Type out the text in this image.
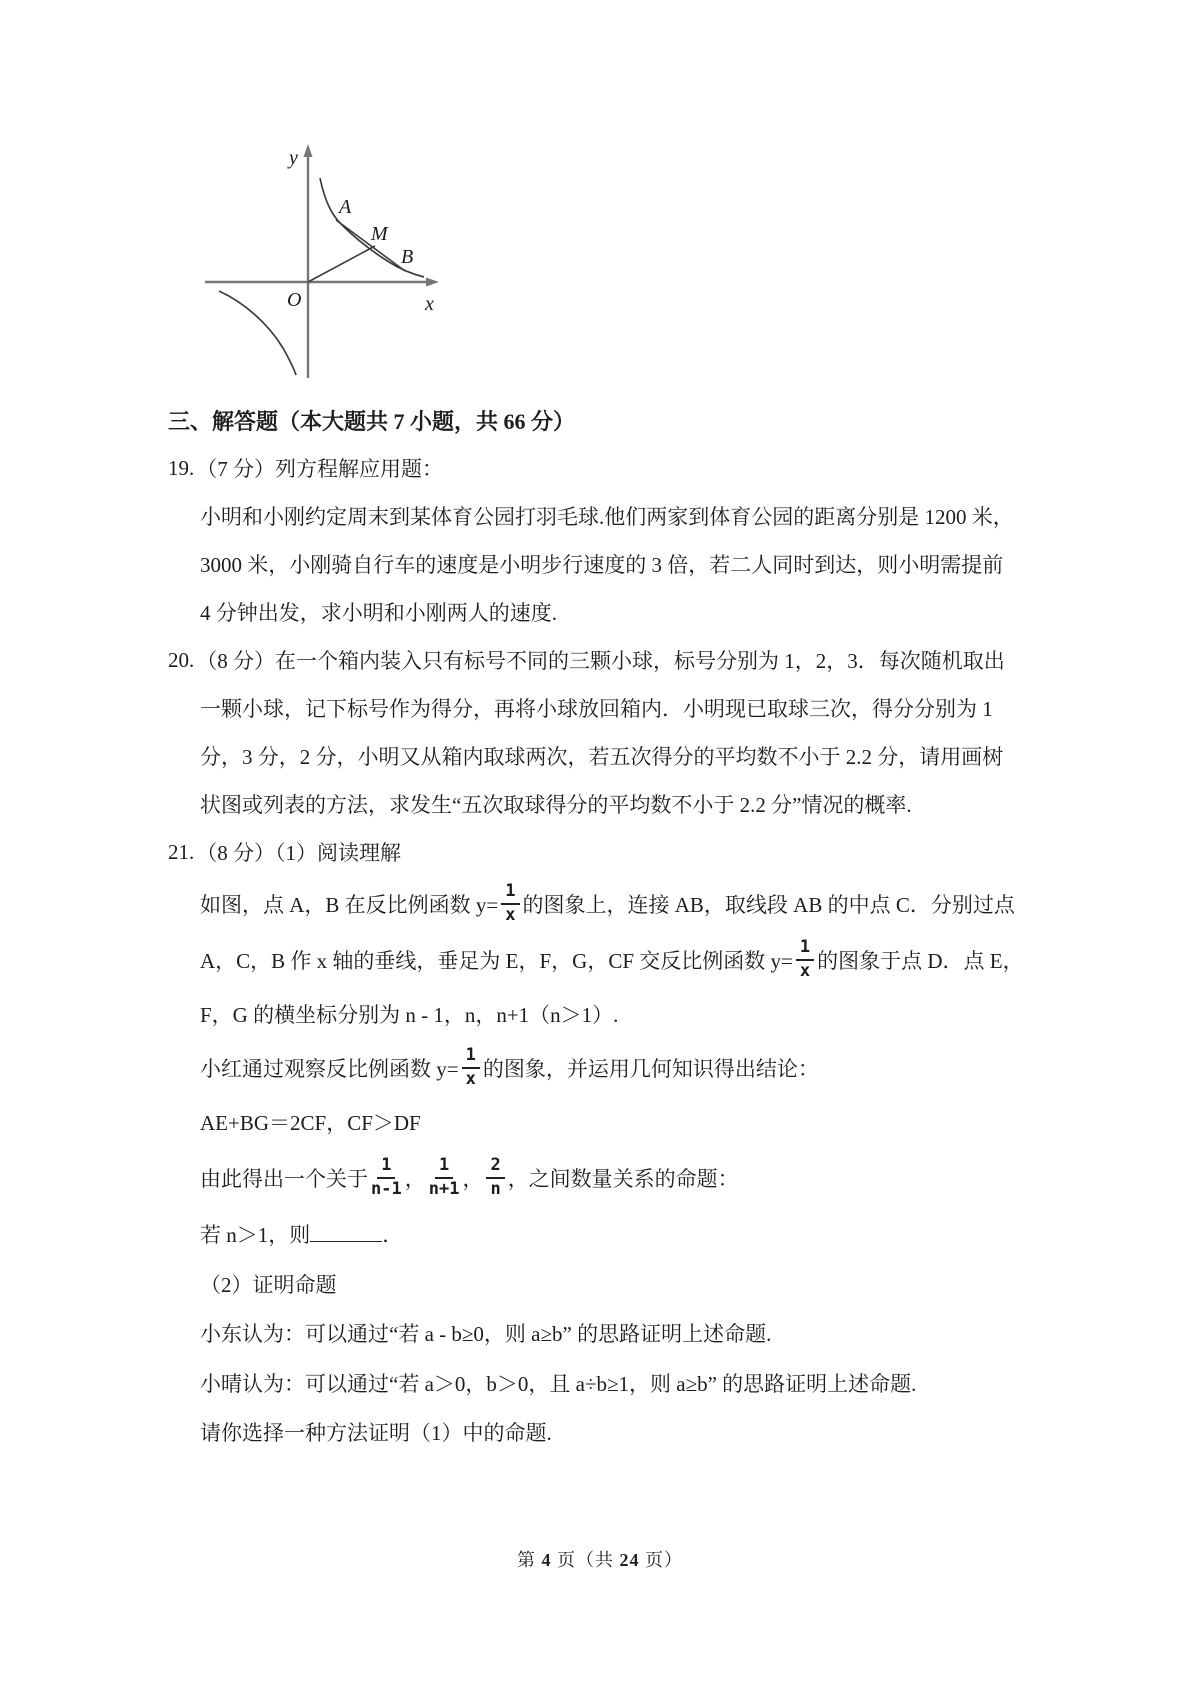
y
x
O
A
M
B
三、解答题（本大题共 7 小题，共 66 分）
19. （7 分）列方程解应用题：
小明和小刚约定周末到某体育公园打羽毛球.他们两家到体育公园的距离分别是 1200 米，
3000 米，小刚骑自行车的速度是小明步行速度的 3 倍，若二人同时到达，则小明需提前
4 分钟出发，求小明和小刚两人的速度.
20. （8 分）在一个箱内装入只有标号不同的三颗小球，标号分别为 1，2，3．每次随机取出
一颗小球，记下标号作为得分，再将小球放回箱内．小明现已取球三次，得分分别为 1
分，3 分，2 分，小明又从箱内取球两次，若五次得分的平均数不小于 2.2 分，请用画树
状图或列表的方法，求发生“五次取球得分的平均数不小于 2.2 分”情况的概率.
21. （8 分）（1）阅读理解
如图，点 A，B 在反比例函数 $y= \frac{1}{x}$ 的图象上，连接 AB，取线段 AB 的中点 C．分别过点
A，C，B 作 x 轴的垂线，垂足为 E，F，G，CF 交反比例函数 $y= \frac{1}{x}$ 的图象于点 D．点 E，
F，G 的横坐标分别为 n - 1，n，n+1（n＞1）.
小红通过观察反比例函数 $y= \frac{1}{x}$ 的图象，并运用几何知识得出结论：
AE+BG＝2CF，CF＞DF
由此得出一个关于 $\frac{1}{n-1}$ ， $\frac{1}{n+1}$ ， $\frac{2}{n}$ ，之间数量关系的命题：
若 n＞1，则	．
（2）证明命题
小东认为：可以通过“若 a - b≥0，则 a≥b” 的思路证明上述命题.
小晴认为：可以通过“若 a＞0，b＞0，且 a÷b≥1，则 a≥b” 的思路证明上述命题.
请你选择一种方法证明（1）中的命题.
第 4 页（共 24 页）
